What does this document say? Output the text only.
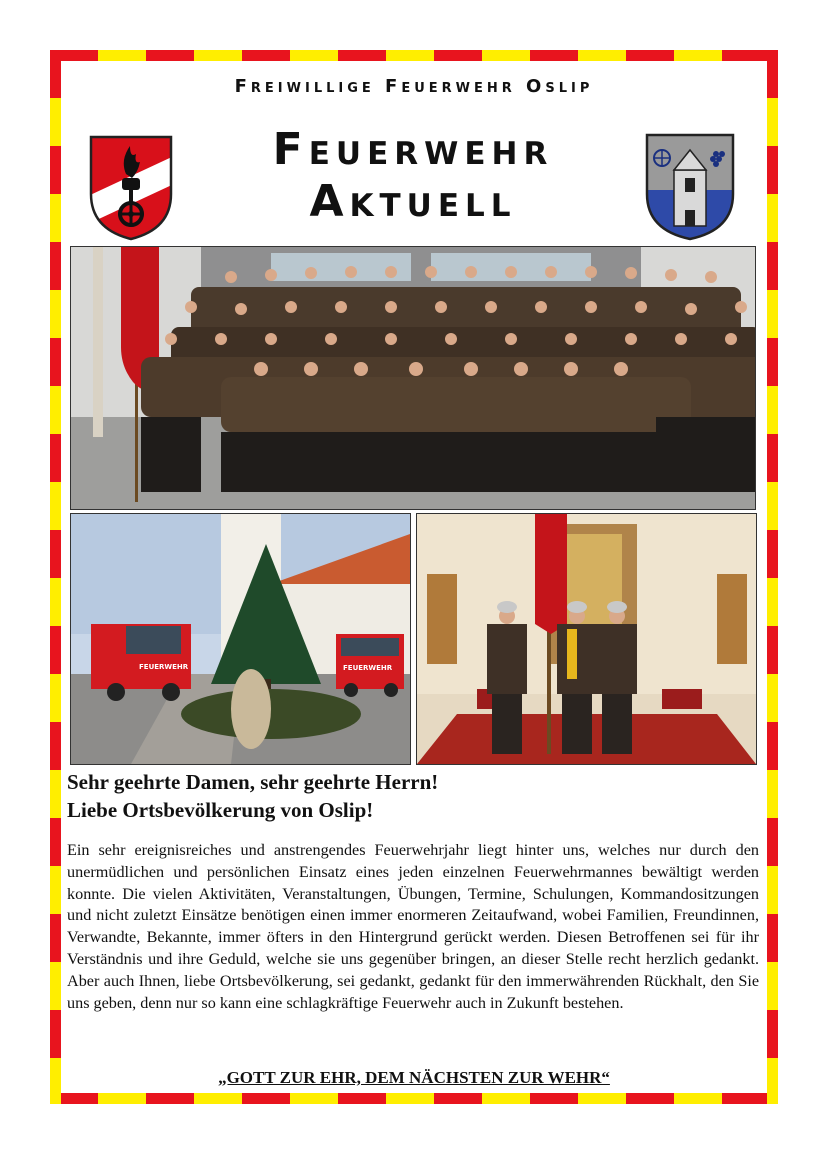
Freiwillige Feuerwehr Oslip
Feuerwehr
Aktuell
FEUERWEHR	FEUERWEHR
Sehr geehrte Damen, sehr geehrte Herrn!
Liebe Ortsbevölkerung von Oslip!
Ein sehr ereignisreiches und anstrengendes Feuerwehrjahr liegt hinter uns, welches nur durch den unermüdlichen und persönlichen Einsatz eines jeden einzelnen Feuerwehrmannes bewältigt werden konnte. Die vielen Aktivitäten, Veranstaltungen, Übungen, Termine, Schulungen, Kommandositzungen und nicht zuletzt Einsätze benötigen einen immer enormeren Zeitaufwand, wobei Familien, Freundinnen, Verwandte, Bekannte, immer öfters in den Hintergrund gerückt werden. Diesen Betroffenen sei für ihr Verständnis und ihre Geduld, welche sie uns gegenüber bringen, an dieser Stelle recht herzlich gedankt. Aber auch Ihnen, liebe Ortsbevölkerung, sei gedankt, gedankt für den immerwährenden Rückhalt, den Sie uns geben, denn nur so kann eine schlagkräftige Feuerwehr auch in Zukunft bestehen.
„GOTT ZUR EHR, DEM NÄCHSTEN ZUR WEHR“
